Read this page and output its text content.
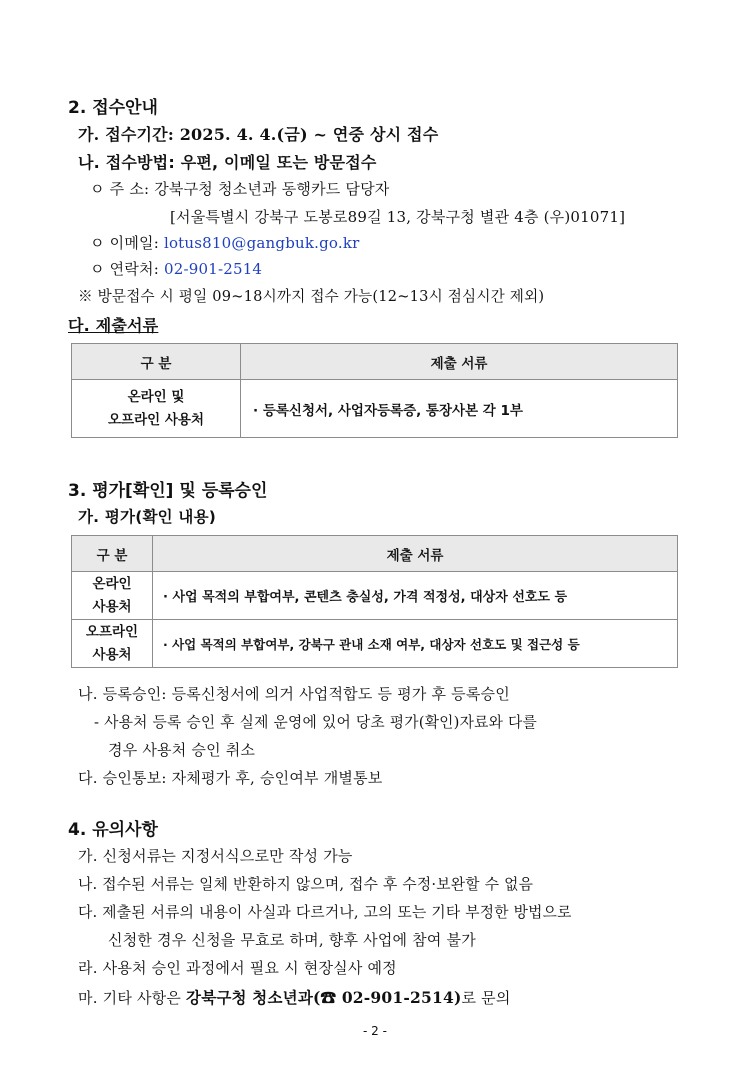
2. 접수안내
가. 접수기간: 2025. 4. 4.(금) ~ 연중 상시 접수
나. 접수방법: 우편, 이메일 또는 방문접수
ㅇ 주 소: 강북구청 청소년과 동행카드 담당자
[서울특별시 강북구 도봉로89길 13, 강북구청 별관 4층 (우)01071]
ㅇ 이메일: lotus810@gangbuk.go.kr
ㅇ 연락처: 02-901-2514
※ 방문접수 시 평일 09~18시까지 접수 가능(12~13시 점심시간 제외)
다. 제출서류
구 분	제출 서류

온라인 및
오프라인 사용처	· 등록신청서, 사업자등록증, 통장사본 각 1부
3. 평가[확인] 및 등록승인
가. 평가(확인 내용)
구 분	제출 서류

온라인
사용처	· 사업 목적의 부합여부, 콘텐츠 충실성, 가격 적정성, 대상자 선호도 등

오프라인
사용처	· 사업 목적의 부합여부, 강북구 관내 소재 여부, 대상자 선호도 및 접근성 등
나. 등록승인: 등록신청서에 의거 사업적합도 등 평가 후 등록승인
- 사용처 등록 승인 후 실제 운영에 있어 당초 평가(확인)자료와 다를
경우 사용처 승인 취소
다. 승인통보: 자체평가 후, 승인여부 개별통보
4. 유의사항
가. 신청서류는 지정서식으로만 작성 가능
나. 접수된 서류는 일체 반환하지 않으며, 접수 후 수정·보완할 수 없음
다. 제출된 서류의 내용이 사실과 다르거나, 고의 또는 기타 부정한 방법으로
신청한 경우 신청을 무효로 하며, 향후 사업에 참여 불가
라. 사용처 승인 과정에서 필요 시 현장실사 예정
마. 기타 사항은 강북구청 청소년과(☎ 02-901-2514)로 문의
- 2 -
